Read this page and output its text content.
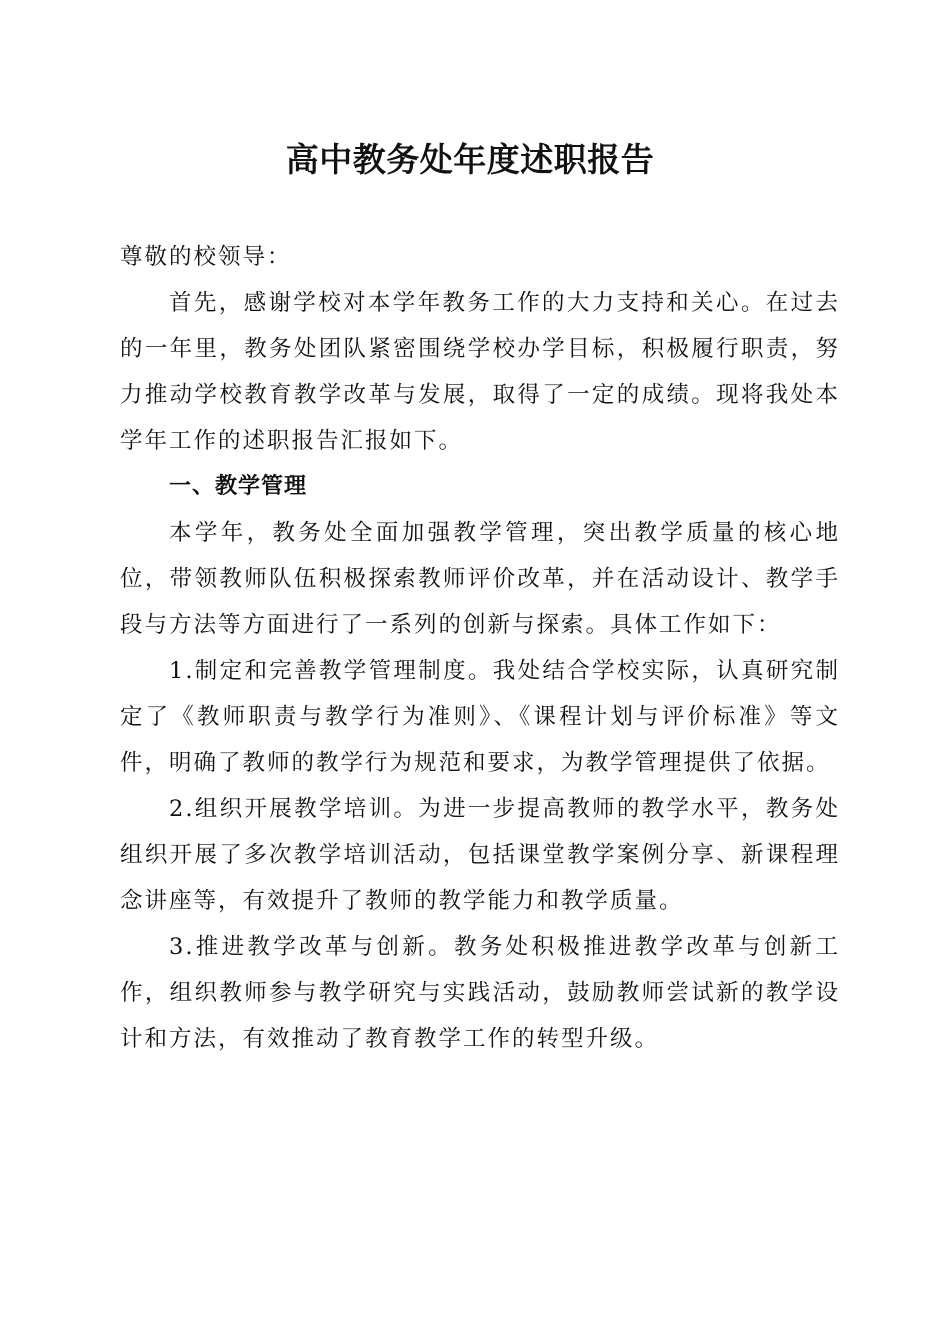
高中教务处年度述职报告

尊敬的校领导：

首先，感谢学校对本学年教务工作的大力支持和关心。在过去的一年里，教务处团队紧密围绕学校办学目标，积极履行职责，努力推动学校教育教学改革与发展，取得了一定的成绩。现将我处本学年工作的述职报告汇报如下。

一、教学管理

本学年，教务处全面加强教学管理，突出教学质量的核心地位，带领教师队伍积极探索教师评价改革，并在活动设计、教学手段与方法等方面进行了一系列的创新与探索。具体工作如下：

1.制定和完善教学管理制度。我处结合学校实际，认真研究制定了《教师职责与教学行为准则》、《课程计划与评价标准》等文件，明确了教师的教学行为规范和要求，为教学管理提供了依据。

2.组织开展教学培训。为进一步提高教师的教学水平，教务处组织开展了多次教学培训活动，包括课堂教学案例分享、新课程理念讲座等，有效提升了教师的教学能力和教学质量。

3.推进教学改革与创新。教务处积极推进教学改革与创新工作，组织教师参与教学研究与实践活动，鼓励教师尝试新的教学设计和方法，有效推动了教育教学工作的转型升级。
